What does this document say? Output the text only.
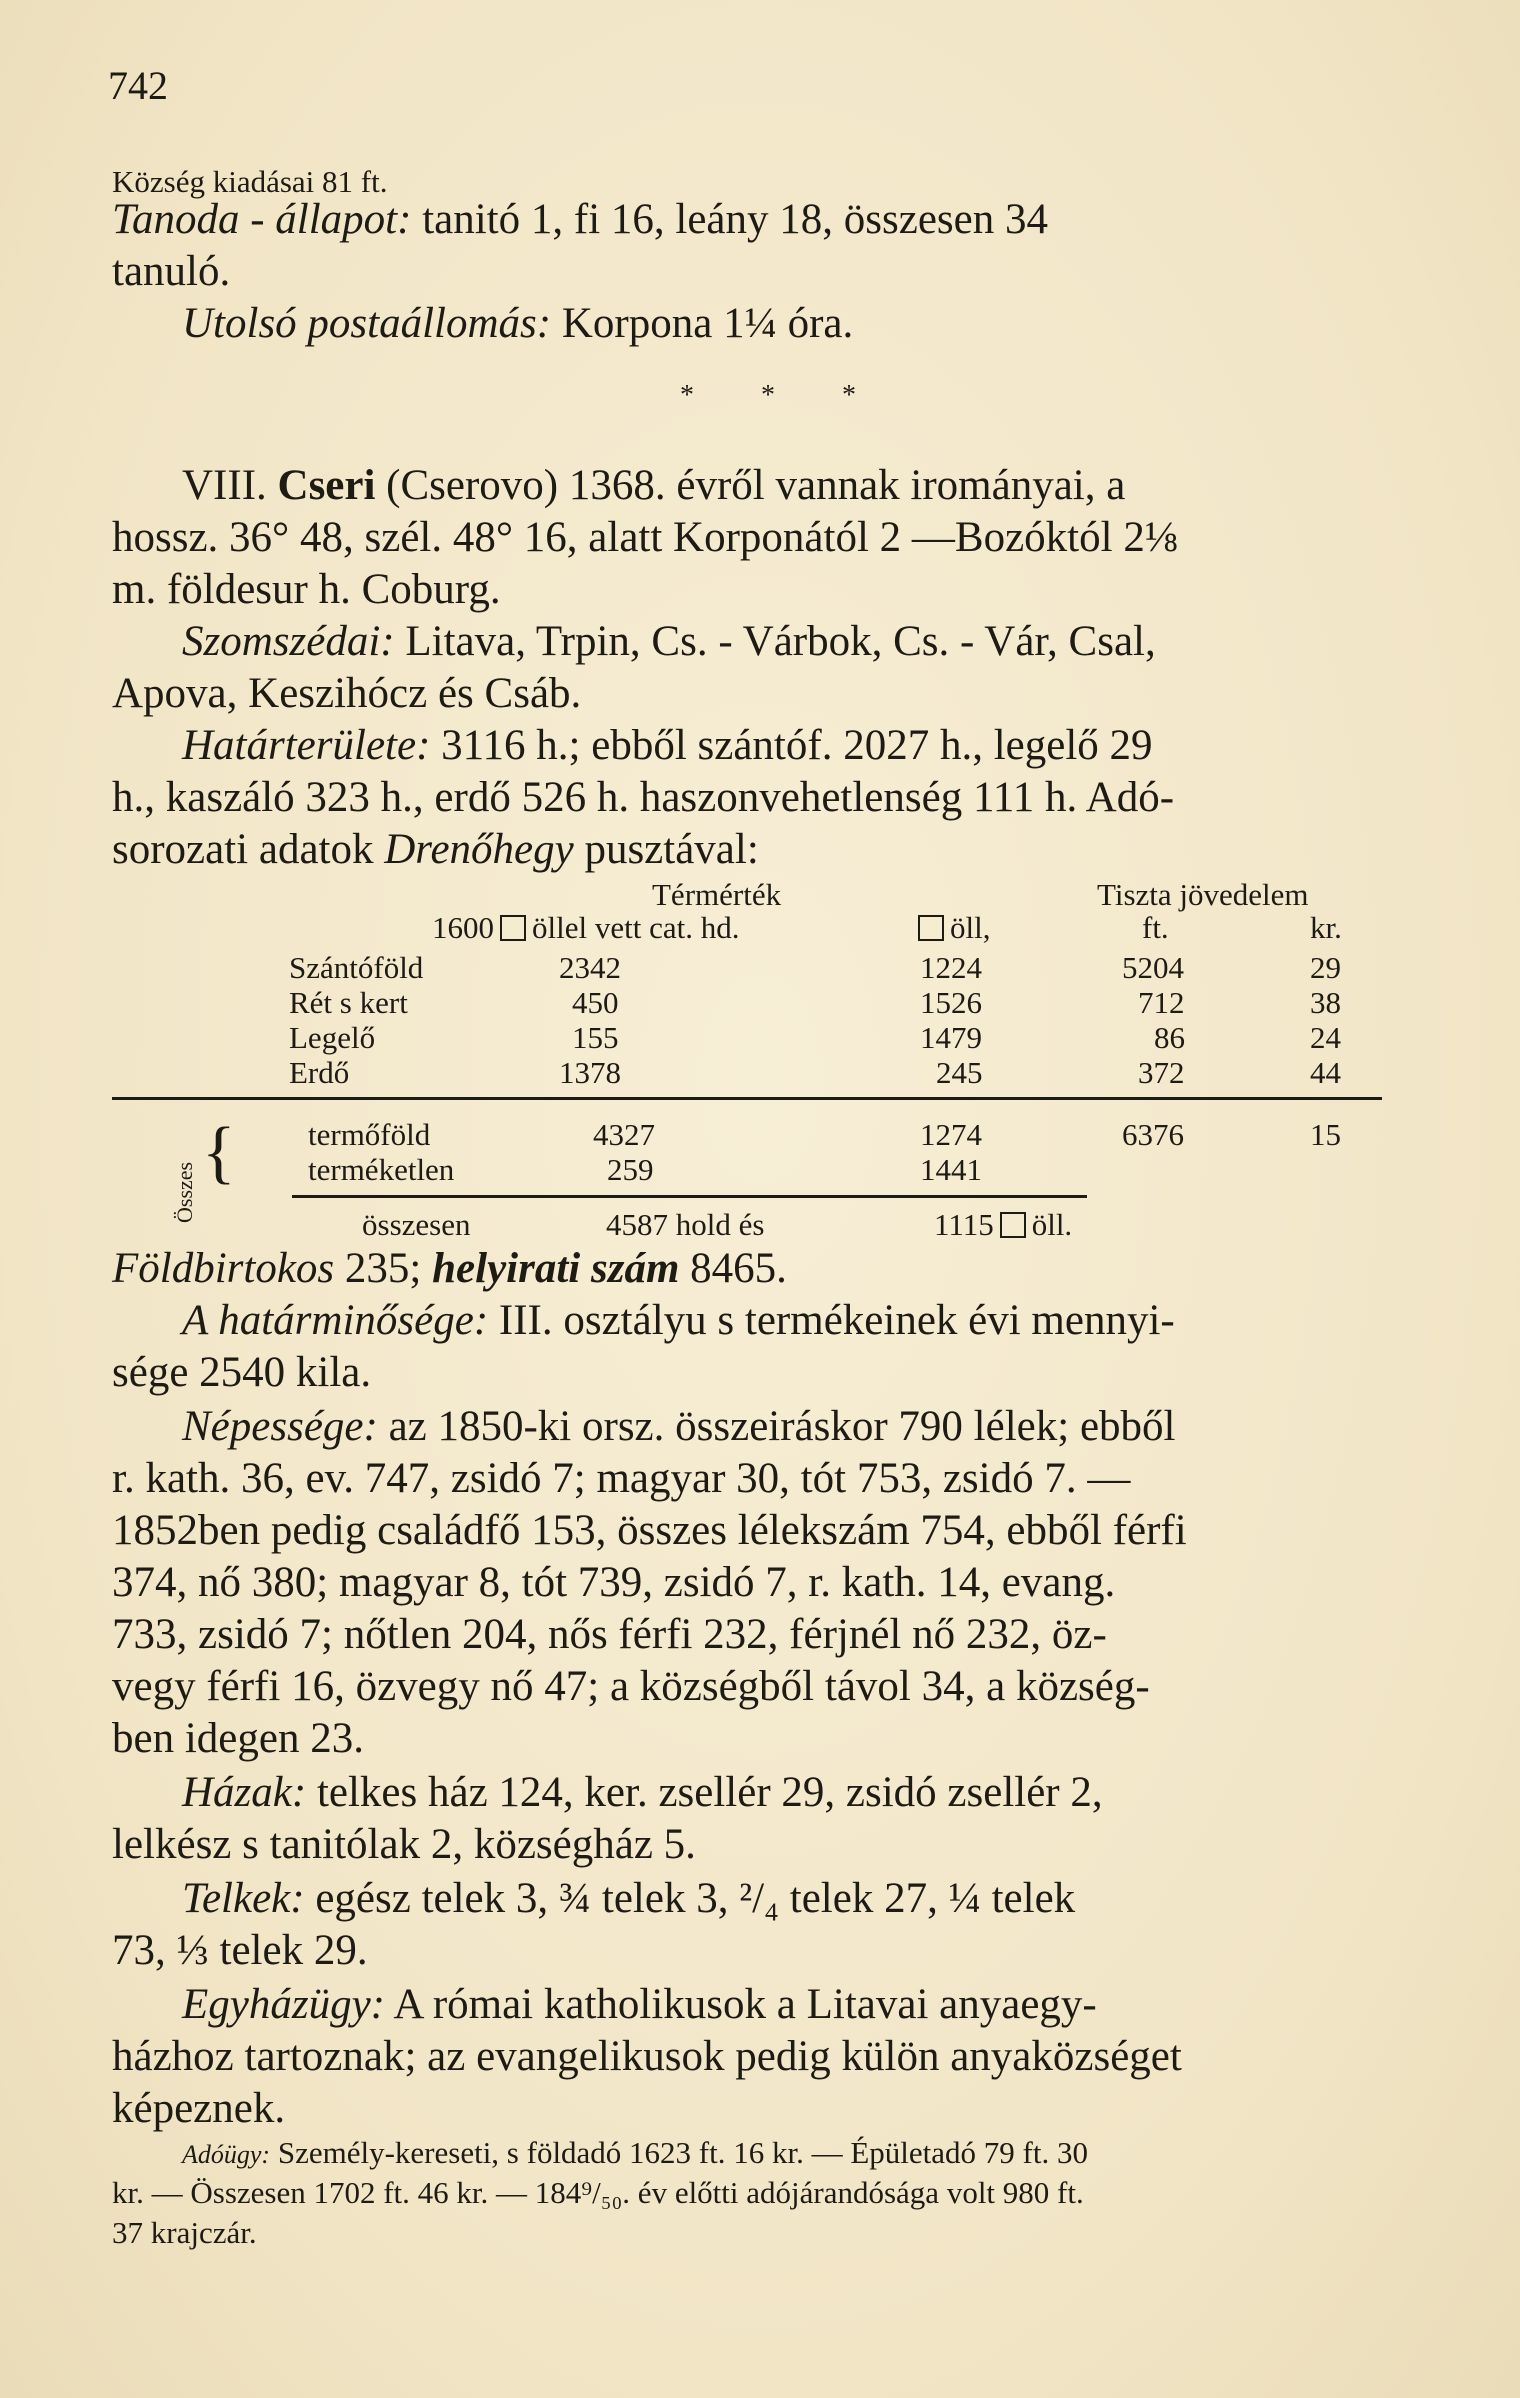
742
Község kiadásai 81 ft.
Tanoda - állapot: tanitó 1, fi 16, leány 18, összesen 34
tanuló.
Utolsó postaállomás: Korpona 1¼ óra.
* * *
VIII. Cseri (Cserovo) 1368. évről vannak irományai, a
hossz. 36° 48, szél. 48° 16, alatt Korponától 2 —Bozóktól 2⅛
m. földesur h. Coburg.
Szomszédai: Litava, Trpin, Cs. - Várbok, Cs. - Vár, Csal,
Apova, Keszihócz és Csáb.
Határterülete: 3116 h.; ebből szántóf. 2027 h., legelő 29
h., kaszáló 323 h., erdő 526 h. haszonvehetlenség 111 h. Adó-
sorozati adatok Drenőhegy pusztával:
Térmérték	Tiszta jövedelem
1600 öllel vett cat. hd.	öll,	ft.	kr.
Szántóföld	2342	1224	5204	29
Rét s kert	450	1526	712	38
Legelő	155	1479	86	24
Erdő	1378	245	372	44
Összes
{ termőföld	4327	1274	6376	15
terméketlen	259	1441
összesen	4587 hold és	1115 öll.
Földbirtokos 235; helyirati szám 8465.
A határminősége: III. osztályu s termékeinek évi mennyi-
sége 2540 kila.
Népessége: az 1850-ki orsz. összeiráskor 790 lélek; ebből
r. kath. 36, ev. 747, zsidó 7; magyar 30, tót 753, zsidó 7. —
1852ben pedig családfő 153, összes lélekszám 754, ebből férfi
374, nő 380; magyar 8, tót 739, zsidó 7, r. kath. 14, evang.
733, zsidó 7; nőtlen 204, nős férfi 232, férjnél nő 232, öz-
vegy férfi 16, özvegy nő 47; a községből távol 34, a község-
ben idegen 23.
Házak: telkes ház 124, ker. zsellér 29, zsidó zsellér 2,
lelkész s tanitólak 2, községház 5.
Telkek: egész telek 3, ¾ telek 3, ²/₄ telek 27, ¼ telek
73, ⅓ telek 29.
Egyházügy: A római katholikusok a Litavai anyaegy-
házhoz tartoznak; az evangelikusok pedig külön anyaközséget
képeznek.
Adóügy: Személy-kereseti, s földadó 1623 ft. 16 kr. — Épületadó 79 ft. 30
kr. — Összesen 1702 ft. 46 kr. — 184⁹/₅₀. év előtti adójárandósága volt 980 ft.
37 krajczár.
